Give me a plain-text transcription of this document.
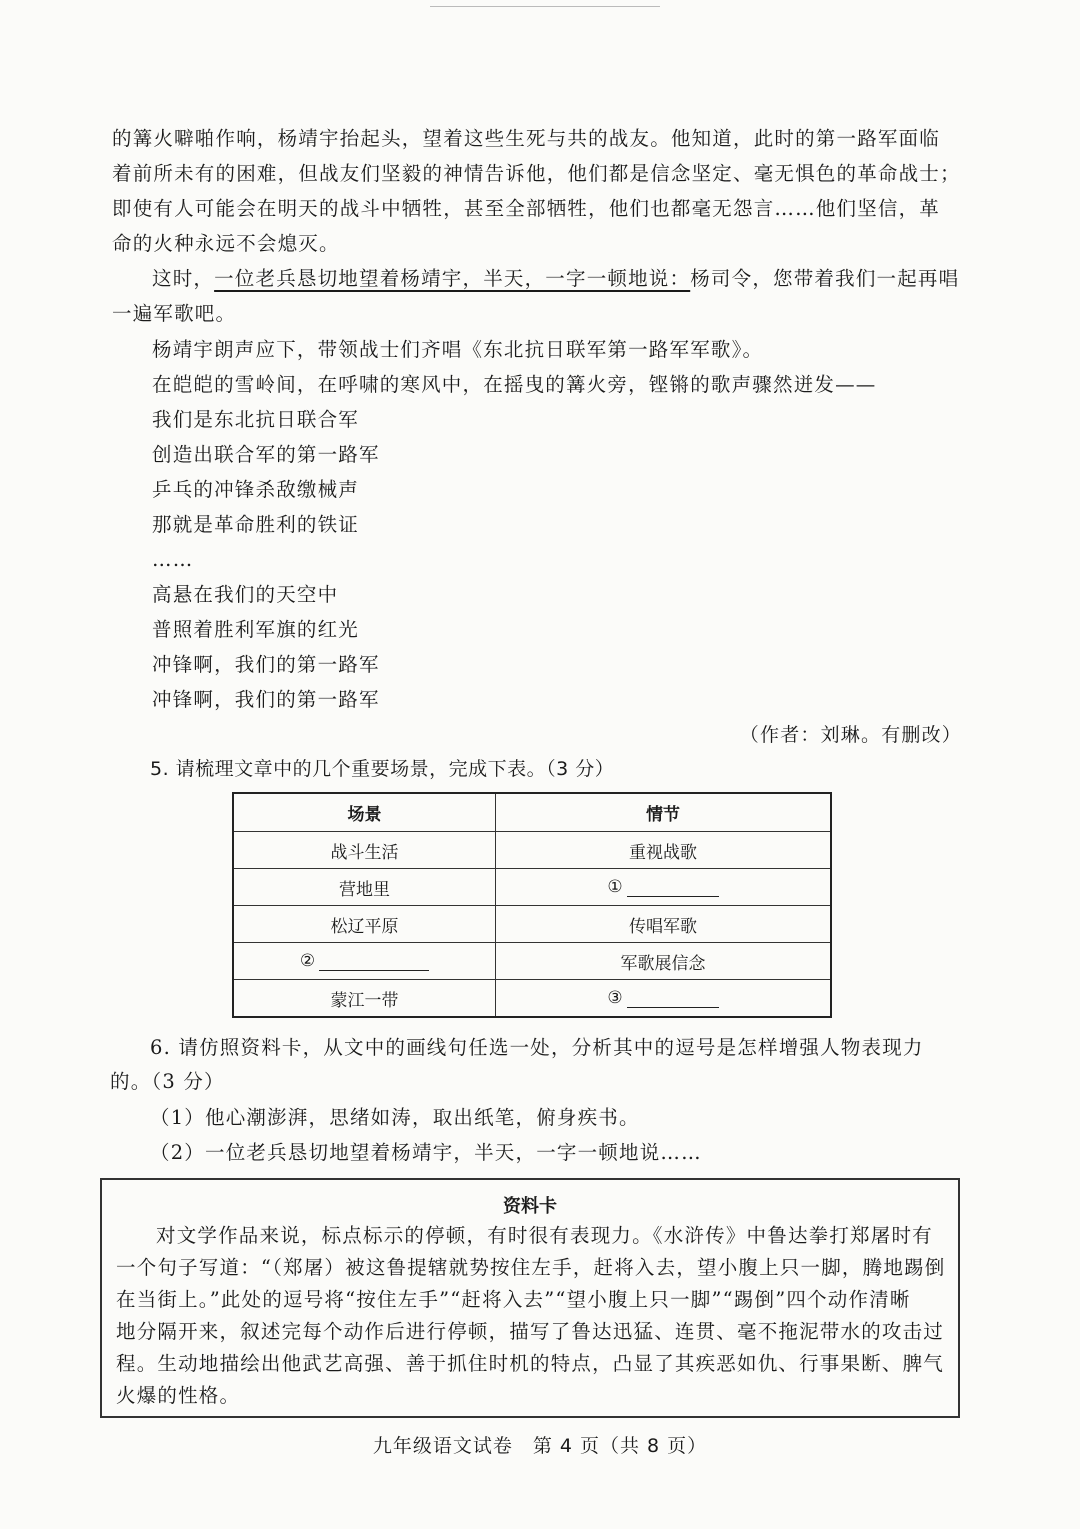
的篝火噼啪作响，杨靖宇抬起头，望着这些生死与共的战友。他知道，此时的第一路军面临
着前所未有的困难，但战友们坚毅的神情告诉他，他们都是信念坚定、毫无惧色的革命战士；
即使有人可能会在明天的战斗中牺牲，甚至全部牺牲，他们也都毫无怨言……他们坚信，革
命的火种永远不会熄灭。
这时，一位老兵恳切地望着杨靖宇，半天，一字一顿地说：杨司令，您带着我们一起再唱
一遍军歌吧。
杨靖宇朗声应下，带领战士们齐唱《东北抗日联军第一路军军歌》。
在皑皑的雪岭间，在呼啸的寒风中，在摇曳的篝火旁，铿锵的歌声骤然迸发——
我们是东北抗日联合军
创造出联合军的第一路军
乒乓的冲锋杀敌缴械声
那就是革命胜利的铁证
……
高悬在我们的天空中
普照着胜利军旗的红光
冲锋啊，我们的第一路军
冲锋啊，我们的第一路军
（作者：刘琳。有删改）
5. 请梳理文章中的几个重要场景，完成下表。（3 分）
场景	情节
战斗生活	重视战歌
营地里	①
松辽平原	传唱军歌
②	军歌展信念
蒙江一带	③
6. 请仿照资料卡，从文中的画线句任选一处，分析其中的逗号是怎样增强人物表现力
的。（3 分）
（1）他心潮澎湃，思绪如涛，取出纸笔，俯身疾书。
（2）一位老兵恳切地望着杨靖宇，半天，一字一顿地说……
资料卡
对文学作品来说，标点标示的停顿，有时很有表现力。《水浒传》中鲁达拳打郑屠时有
一个句子写道：“（郑屠）被这鲁提辖就势按住左手，赶将入去，望小腹上只一脚，腾地踢倒
在当街上。”此处的逗号将“按住左手”“赶将入去”“望小腹上只一脚”“踢倒”四个动作清晰
地分隔开来，叙述完每个动作后进行停顿，描写了鲁达迅猛、连贯、毫不拖泥带水的攻击过
程。生动地描绘出他武艺高强、善于抓住时机的特点，凸显了其疾恶如仇、行事果断、脾气
火爆的性格。
九年级语文试卷　第 4 页（共 8 页）
